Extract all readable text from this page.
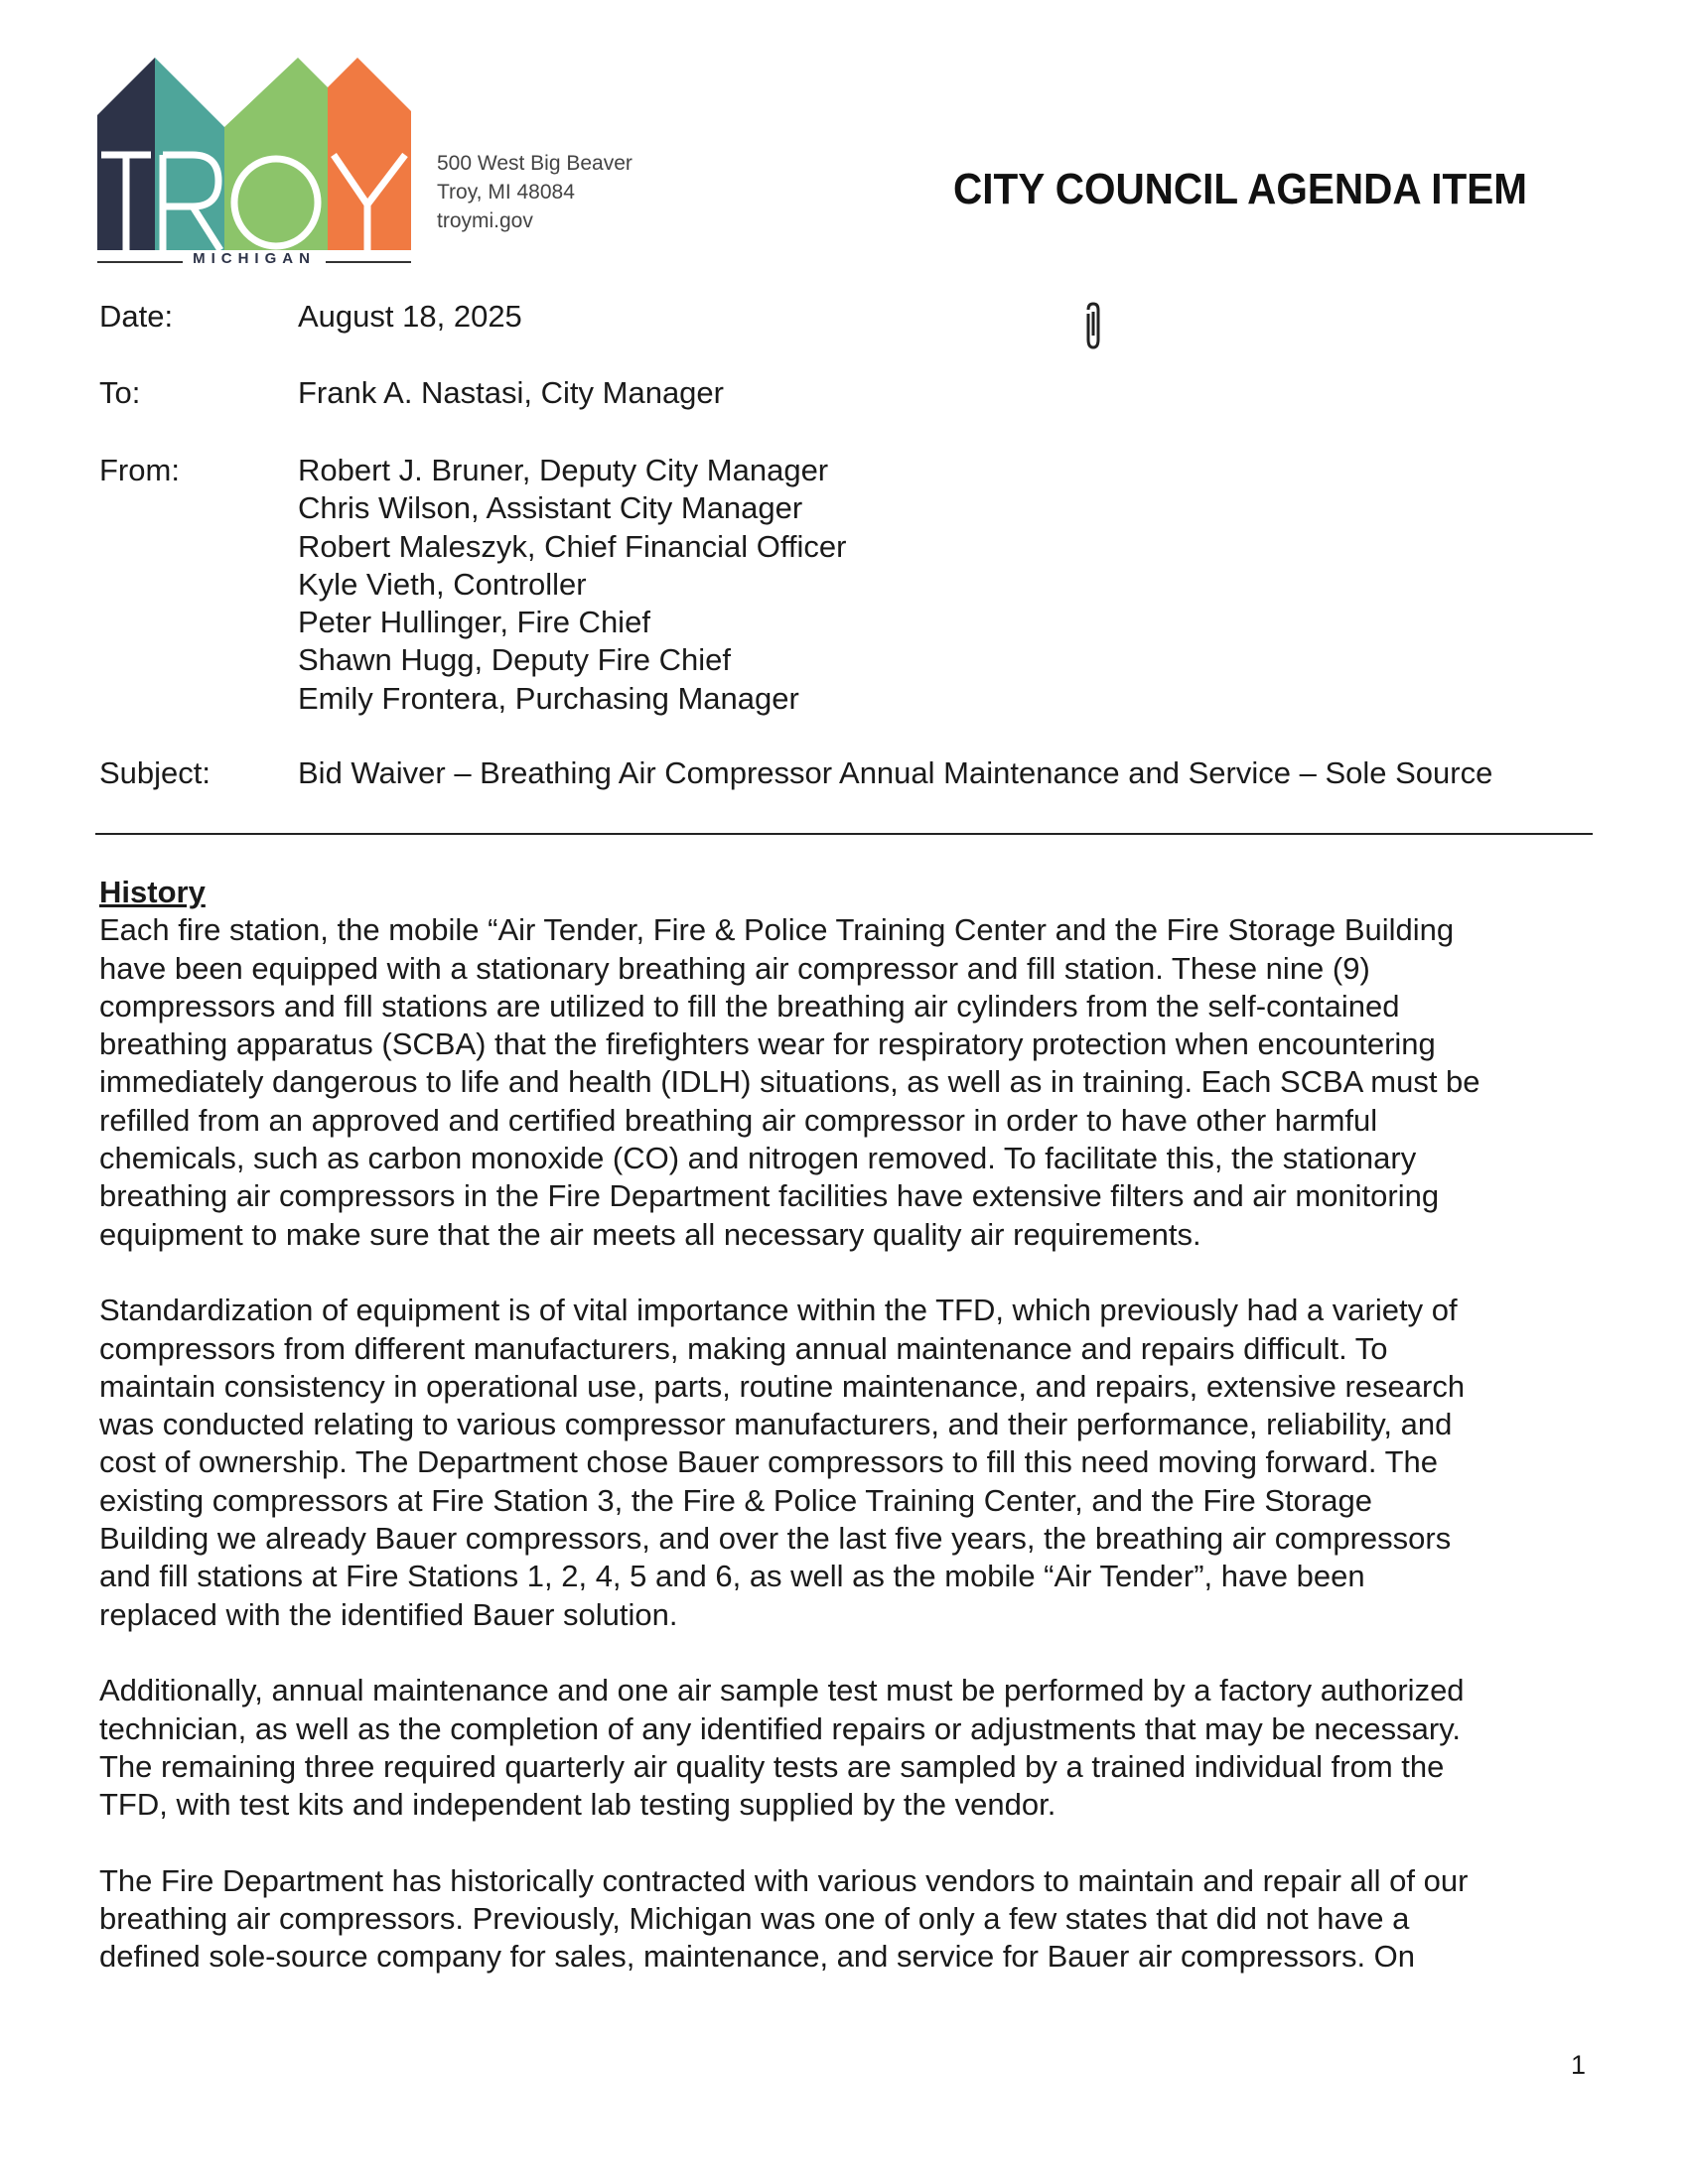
MICHIGAN
500 West Big Beaver
Troy, MI 48084
troymi.gov
CITY COUNCIL AGENDA ITEM
Date:	August 18, 2025
To:	Frank A. Nastasi, City Manager
From:	Robert J. Bruner, Deputy City Manager
Chris Wilson, Assistant City Manager
Robert Maleszyk, Chief Financial Officer
Kyle Vieth, Controller
Peter Hullinger, Fire Chief
Shawn Hugg, Deputy Fire Chief
Emily Frontera, Purchasing Manager
Subject:	Bid Waiver – Breathing Air Compressor Annual Maintenance and Service – Sole Source
History
Each fire station, the mobile “Air Tender, Fire & Police Training Center and the Fire Storage Building
have been equipped with a stationary breathing air compressor and fill station. These nine (9)
compressors and fill stations are utilized to fill the breathing air cylinders from the self-contained
breathing apparatus (SCBA) that the firefighters wear for respiratory protection when encountering
immediately dangerous to life and health (IDLH) situations, as well as in training. Each SCBA must be
refilled from an approved and certified breathing air compressor in order to have other harmful
chemicals, such as carbon monoxide (CO) and nitrogen removed. To facilitate this, the stationary
breathing air compressors in the Fire Department facilities have extensive filters and air monitoring
equipment to make sure that the air meets all necessary quality air requirements.
Standardization of equipment is of vital importance within the TFD, which previously had a variety of
compressors from different manufacturers, making annual maintenance and repairs difficult. To
maintain consistency in operational use, parts, routine maintenance, and repairs, extensive research
was conducted relating to various compressor manufacturers, and their performance, reliability, and
cost of ownership. The Department chose Bauer compressors to fill this need moving forward. The
existing compressors at Fire Station 3, the Fire & Police Training Center, and the Fire Storage
Building we already Bauer compressors, and over the last five years, the breathing air compressors
and fill stations at Fire Stations 1, 2, 4, 5 and 6, as well as the mobile “Air Tender”, have been
replaced with the identified Bauer solution.
Additionally, annual maintenance and one air sample test must be performed by a factory authorized
technician, as well as the completion of any identified repairs or adjustments that may be necessary.
The remaining three required quarterly air quality tests are sampled by a trained individual from the
TFD, with test kits and independent lab testing supplied by the vendor.
The Fire Department has historically contracted with various vendors to maintain and repair all of our
breathing air compressors. Previously, Michigan was one of only a few states that did not have a
defined sole-source company for sales, maintenance, and service for Bauer air compressors. On
1
